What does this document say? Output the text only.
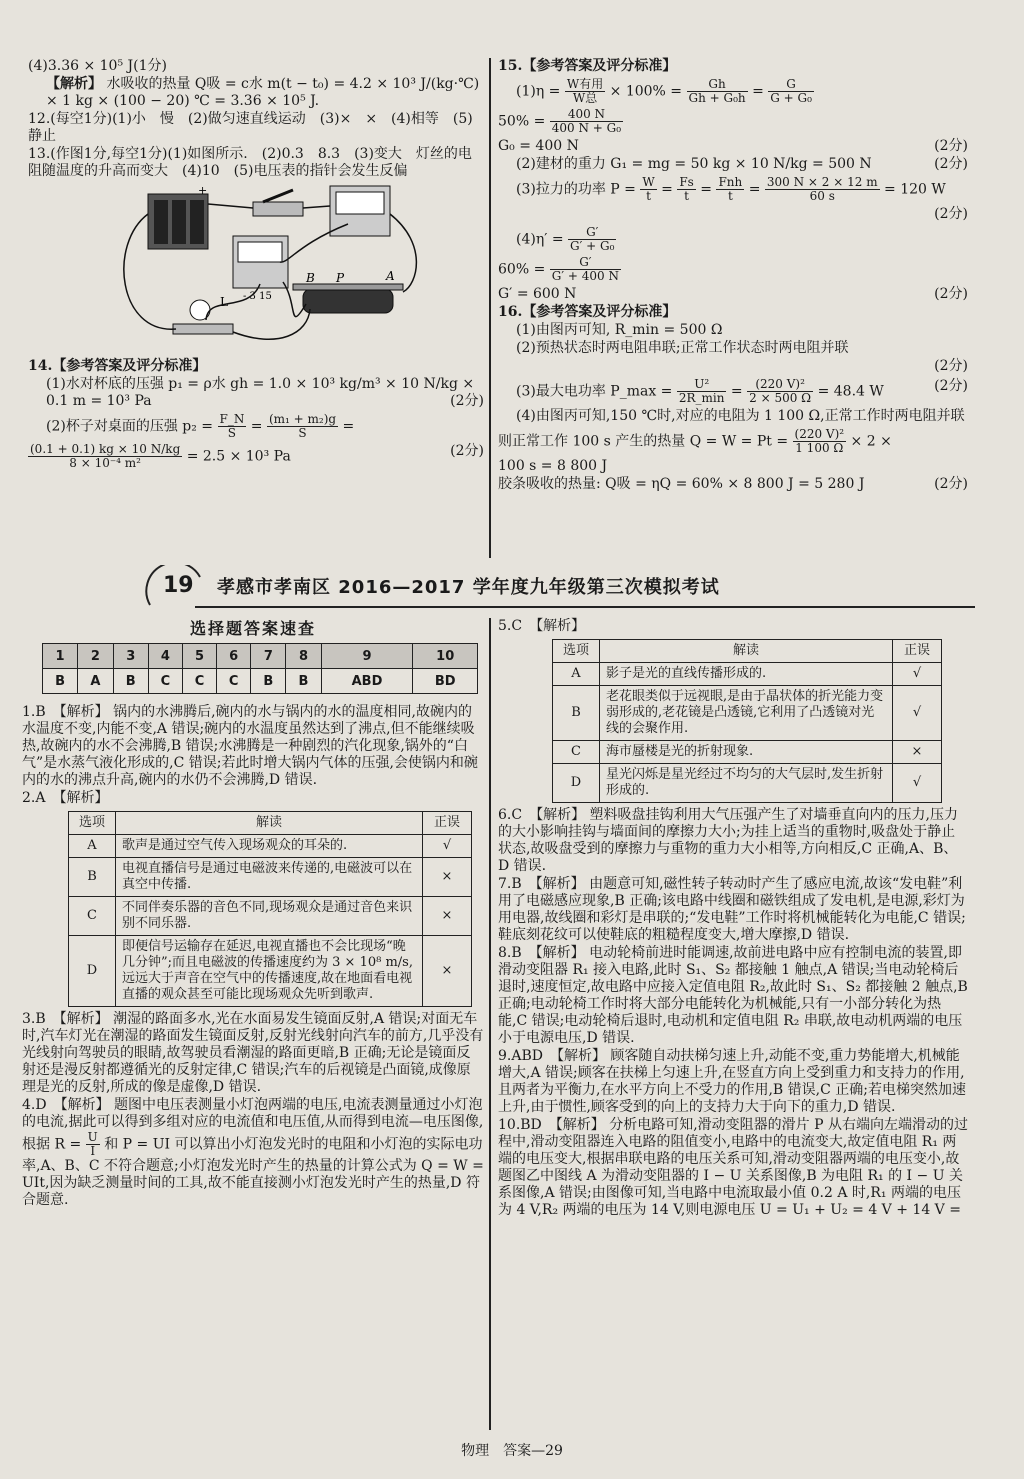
(4)3.36 × 10⁵ J(1分)

【解析】 水吸收的热量 Q吸 = c水 m(t − t₀) = 4.2 × 10³ J/(kg·℃) × 1 kg × (100 − 20) ℃ = 3.36 × 10⁵ J.

12.(每空1分)(1)小　慢　(2)做匀速直线运动　(3)×　×　(4)相等　(5)静止

13.(作图1分,每空1分)(1)如图所示.　(2)0.3　8.3　(3)变大　灯丝的电阻随温度的升高而变大　(4)10　(5)电压表的指针会发生反偏

+
- 3 15
B P	A
L

14.【参考答案及评分标准】

(1)水对杯底的压强 p₁ = ρ水 gh = 1.0 × 10³ kg/m³ × 10 N/kg × 0.1 m = 10³ Pa	(2分)

(2)杯子对桌面的压强 $p_2 = \frac{F\_N}{S} = \frac{\text{(m₁ + m₂)g}}{S}$ =

$\frac{(0.1 + 0.1) kg \times 10 N/kg}{\text{8 × 10⁻⁴ m²}} = 2.5 \times 10^3$ Pa	(2分)

15.【参考答案及评分标准】

$(1)\eta = \frac{\text{W有用}}{\text{W总}} \times 100\% = \frac{Gh}{\text{Gh + G₀h}} = \frac{G}{\text{G + G₀}}$

$50\% = \frac{400 N}{\text{400 N + G₀}}$

G₀ = 400 N	(2分)

(2)建材的重力 G₁ = mg = 50 kg × 10 N/kg = 500 N	(2分)

(3)拉力的功率 $P = \frac{W}{t} = \frac{Fs}{t} = \frac{\text{Fnh}}{t} = \frac{300 N \times 2 \times 12 m}{60 s} = 120$ W

(2分)

$(4)\eta' = \frac{G'}{\text{G′ + G₀}}$

$60\% = \frac{G'}{G' + 400 N}$

G′ = 600 N	(2分)

16.【参考答案及评分标准】

(1)由图丙可知, R_min = 500 Ω

(2)预热状态时两电阻串联;正常工作状态时两电阻并联

(2分)

(3)最大电功率 P_max = $\frac{\text{U²}}{2R\_\min} = \frac{\text{(220 V)²}}{2 \times 500 \Omega} = 48.4$ W	(2分)

(4)由图丙可知,150 ℃时,对应的电阻为 1 100 Ω,正常工作时两电阻并联

则正常工作 100 s 产生的热量 $Q = W = Pt = \frac{\text{(220 V)²}}{1 100 \Omega} \times 2$ ×

100 s = 8 800 J

胶条吸收的热量: Q吸 = ηQ = 60% × 8 800 J = 5 280 J	(2分)

19 孝感市孝南区 2016—2017 学年度九年级第三次模拟考试
选择题答案速查
1	2	3	4	5	6	7	8	9	10
B	A	B	C	C	C	B	B	ABD	BD

1.B　【解析】 锅内的水沸腾后,碗内的水与锅内的水的温度相同,故碗内的水温度不变,内能不变,A 错误;碗内的水温度虽然达到了沸点,但不能继续吸热,故碗内的水不会沸腾,B 错误;水沸腾是一种剧烈的汽化现象,锅外的“白气”是水蒸气液化形成的,C 错误;若此时增大锅内气体的压强,会使锅内和碗内的水的沸点升高,碗内的水仍不会沸腾,D 错误.

2.A　【解析】

选项	解读	正误
A	歌声是通过空气传入现场观众的耳朵的.	√
B	电视直播信号是通过电磁波来传递的,电磁波可以在真空中传播.	×
C	不同伴奏乐器的音色不同,现场观众是通过音色来识别不同乐器.	×
D	即便信号运输存在延迟,电视直播也不会比现场“晚几分钟”;而且电磁波的传播速度约为 3 × 10⁸ m/s,远远大于声音在空气中的传播速度,故在地面看电视直播的观众甚至可能比现场观众先听到歌声.	×

3.B　【解析】 潮湿的路面多水,光在水面易发生镜面反射,A 错误;对面无车时,汽车灯光在潮湿的路面发生镜面反射,反射光线射向汽车的前方,几乎没有光线射向驾驶员的眼睛,故驾驶员看潮湿的路面更暗,B 正确;无论是镜面反射还是漫反射都遵循光的反射定律,C 错误;汽车的后视镜是凸面镜,成像原理是光的反射,所成的像是虚像,D 错误.

4.D　【解析】 题图中电压表测量小灯泡两端的电压,电流表测量通过小灯泡的电流,据此可以得到多组对应的电流值和电压值,从而得到电流—电压图像,根据 $R = \frac{U}{I}$ 和 P = UI 可以算出小灯泡发光时的电阻和小灯泡的实际电功率,A、B、C 不符合题意;小灯泡发光时产生的热量的计算公式为 Q = W = UIt,因为缺乏测量时间的工具,故不能直接测小灯泡发光时产生的热量,D 符合题意.

5.C　【解析】

选项	解读	正误
A	影子是光的直线传播形成的.	√
B	老花眼类似于远视眼,是由于晶状体的折光能力变弱形成的,老花镜是凸透镜,它利用了凸透镜对光线的会聚作用.	√
C	海市蜃楼是光的折射现象.	×
D	星光闪烁是星光经过不均匀的大气层时,发生折射形成的.	√

6.C　【解析】 塑料吸盘挂钩利用大气压强产生了对墙垂直向内的压力,压力的大小影响挂钩与墙面间的摩擦力大小;为挂上适当的重物时,吸盘处于静止状态,故吸盘受到的摩擦力与重物的重力大小相等,方向相反,C 正确,A、B、D 错误.

7.B　【解析】 由题意可知,磁性转子转动时产生了感应电流,故该“发电鞋”利用了电磁感应现象,B 正确;该电路中线圈和磁铁组成了发电机,是电源,彩灯为用电器,故线圈和彩灯是串联的;“发电鞋”工作时将机械能转化为电能,C 错误;鞋底刻花纹可以使鞋底的粗糙程度变大,增大摩擦,D 错误.

8.B　【解析】 电动轮椅前进时能调速,故前进电路中应有控制电流的装置,即滑动变阻器 R₁ 接入电路,此时 S₁、S₂ 都接触 1 触点,A 错误;当电动轮椅后退时,速度恒定,故电路中应接入定值电阻 R₂,故此时 S₁、S₂ 都接触 2 触点,B 正确;电动轮椅工作时将大部分电能转化为机械能,只有一小部分转化为热能,C 错误;电动轮椅后退时,电动机和定值电阻 R₂ 串联,故电动机两端的电压小于电源电压,D 错误.

9.ABD　【解析】 顾客随自动扶梯匀速上升,动能不变,重力势能增大,机械能增大,A 错误;顾客在扶梯上匀速上升,在竖直方向上受到重力和支持力的作用,且两者为平衡力,在水平方向上不受力的作用,B 错误,C 正确;若电梯突然加速上升,由于惯性,顾客受到的向上的支持力大于向下的重力,D 错误.

10.BD　【解析】 分析电路可知,滑动变阻器的滑片 P 从右端向左端滑动的过程中,滑动变阻器连入电路的阻值变小,电路中的电流变大,故定值电阻 R₁ 两端的电压变大,根据串联电路的电压关系可知,滑动变阻器两端的电压变小,故题图乙中图线 A 为滑动变阻器的 I − U 关系图像,B 为电阻 R₁ 的 I − U 关系图像,A 错误;由图像可知,当电路中电流取最小值 0.2 A 时,R₁ 两端的电压为 4 V,R₂ 两端的电压为 14 V,则电源电压 U = U₁ + U₂ = 4 V + 14 V =

物理　答案—29
